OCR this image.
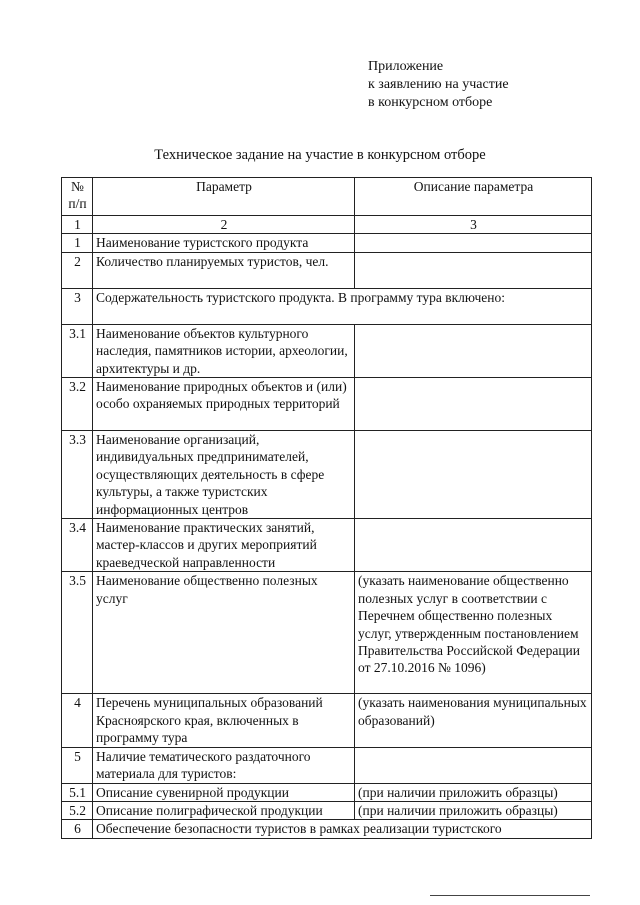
Приложение
к заявлению на участие
в конкурсном отборе
Техническое задание на участие в конкурсном отборе
№ п/п	Параметр	Описание параметра
1	2	3
1	Наименование туристского продукта	
2	Количество планируемых туристов, чел.	
3	Содержательность туристского продукта. В программу тура включено:	
3.1	Наименование объектов культурного наследия, памятников истории, археологии, архитектуры и др.	
3.2	Наименование природных объектов и (или) особо охраняемых природных территорий	
3.3	Наименование организаций, индивидуальных предпринимателей, осуществляющих деятельность в сфере культуры, а также туристских информационных центров	
3.4	Наименование практических занятий, мастер-классов и других мероприятий краеведческой направленности	
3.5	Наименование общественно полезных услуг	(указать наименование общественно полезных услуг в соответствии с Перечнем общественно полезных услуг, утвержденным постановлением Правительства Российской Федерации от 27.10.2016 № 1096)
4	Перечень муниципальных образований Красноярского края, включенных в программу тура	(указать наименования муниципальных образований)
5	Наличие тематического раздаточного материала для туристов:	
5.1	Описание сувенирной продукции	(при наличии приложить образцы)
5.2	Описание полиграфической продукции	(при наличии приложить образцы)
6	Обеспечение безопасности туристов в рамках реализации туристского	
